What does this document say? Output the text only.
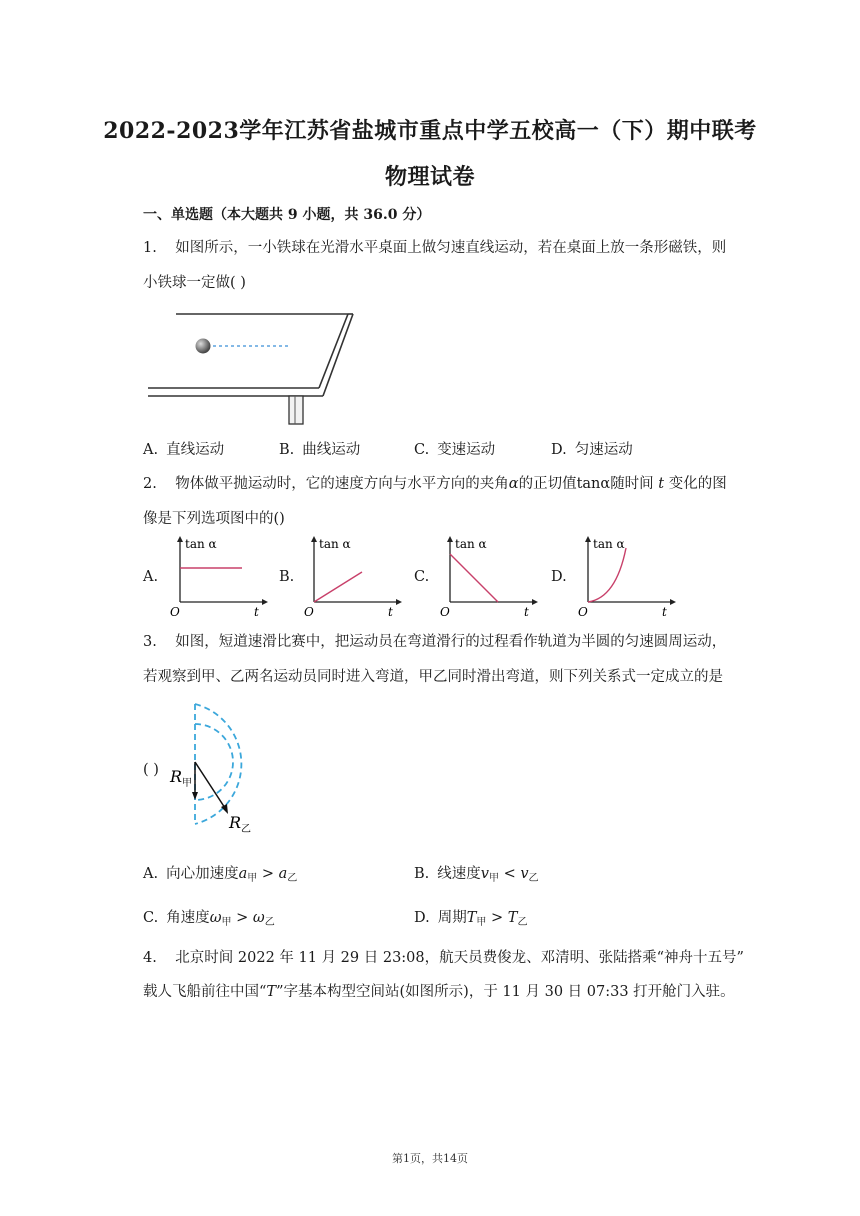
2022-2023学年江苏省盐城市重点中学五校高一（下）期中联考
物理试卷
一、单选题（本大题共 9 小题，共 36.0 分）
1. 如图所示，一小铁球在光滑水平桌面上做匀速直线运动，若在桌面上放一条形磁铁，则
小铁球一定做( )
A. 直线运动	B. 曲线运动	C. 变速运动	D. 匀速运动
2. 物体做平抛运动时，它的速度方向与水平方向的夹角α的正切值tanα随时间 t 变化的图
像是下列选项图中的()
A.	B.	C.	D.
tan α
O	t
tan α
O	t
tan α
O	t
tan α
O	t
3. 如图，短道速滑比赛中，把运动员在弯道滑行的过程看作轨道为半圆的匀速圆周运动，
若观察到甲、乙两名运动员同时进入弯道，甲乙同时滑出弯道，则下列关系式一定成立的是
( ) R 甲
R 乙
A. 向心加速度$a_甲 > a_乙$	B. 线速度$v_甲 < v_乙$
C. 角速度$\omega_甲 > \omega_乙$	D. 周期$T_甲 > T_乙$
4. 北京时间 2022 年 11 月 29 日 23:08，航天员费俊龙、邓清明、张陆搭乘“神舟十五号”
载人飞船前往中国“T”字基本构型空间站(如图所示)，于 11 月 30 日 07:33 打开舱门入驻。
第1页，共14页
